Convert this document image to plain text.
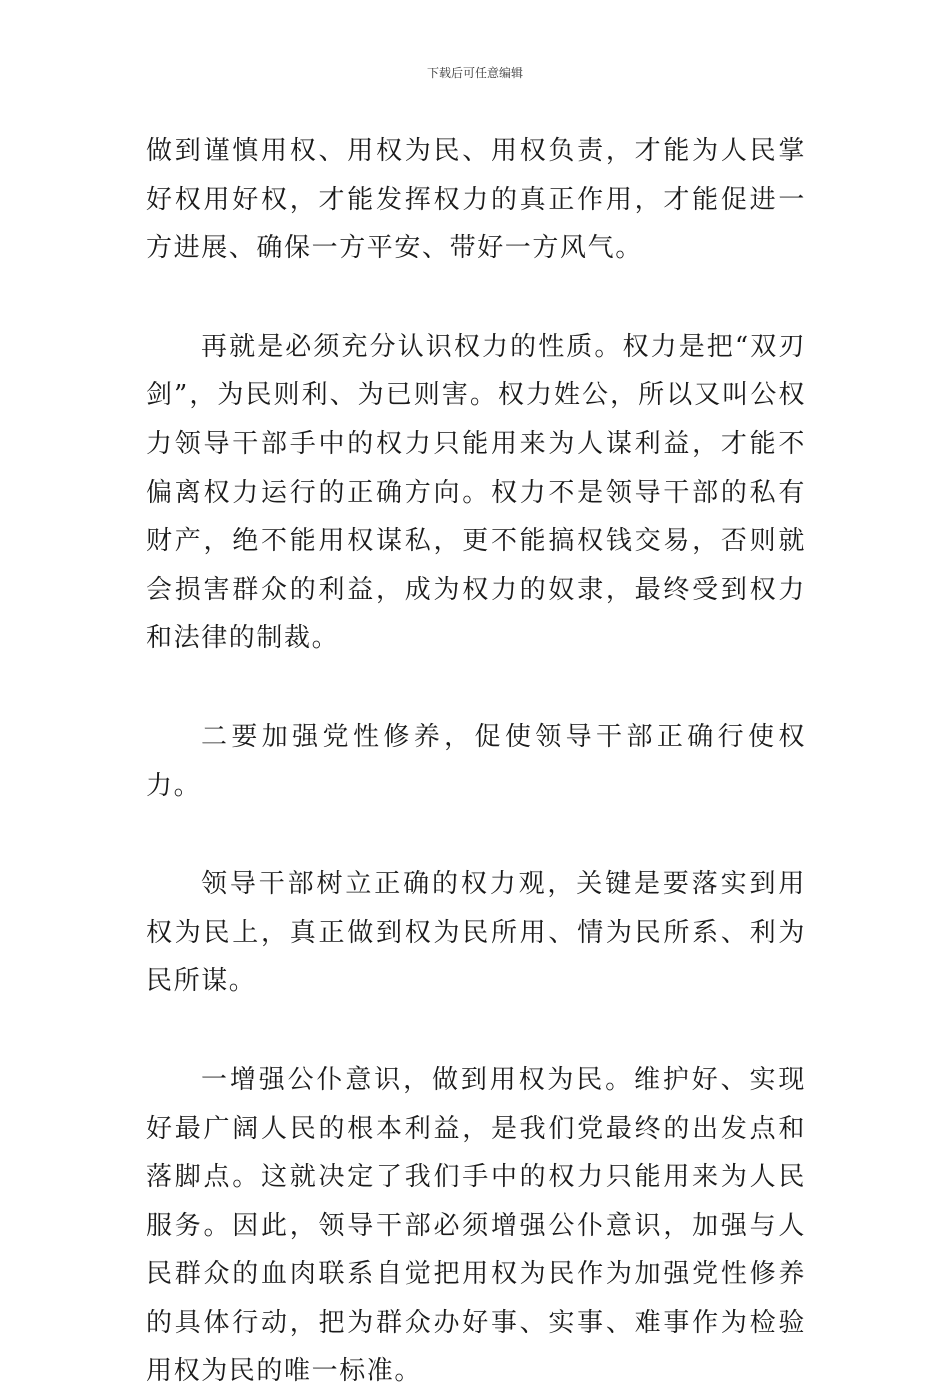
下载后可任意编辑

做到谨慎用权、用权为民、用权负责，才能为人民掌好权用好权，才能发挥权力的真正作用，才能促进一方进展、确保一方平安、带好一方风气。

再就是必须充分认识权力的性质。权力是把“双刃剑”，为民则利、为已则害。权力姓公，所以又叫公权力领导干部手中的权力只能用来为人谋利益，才能不偏离权力运行的正确方向。权力不是领导干部的私有财产，绝不能用权谋私，更不能搞权钱交易，否则就会损害群众的利益，成为权力的奴隶，最终受到权力和法律的制裁。

二要加强党性修养，促使领导干部正确行使权力。

领导干部树立正确的权力观，关键是要落实到用权为民上，真正做到权为民所用、情为民所系、利为民所谋。

一增强公仆意识，做到用权为民。维护好、实现好最广阔人民的根本利益，是我们党最终的出发点和落脚点。这就决定了我们手中的权力只能用来为人民服务。因此，领导干部必须增强公仆意识，加强与人民群众的血肉联系自觉把用权为民作为加强党性修养的具体行动，把为群众办好事、实事、难事作为检验用权为民的唯一标准。
